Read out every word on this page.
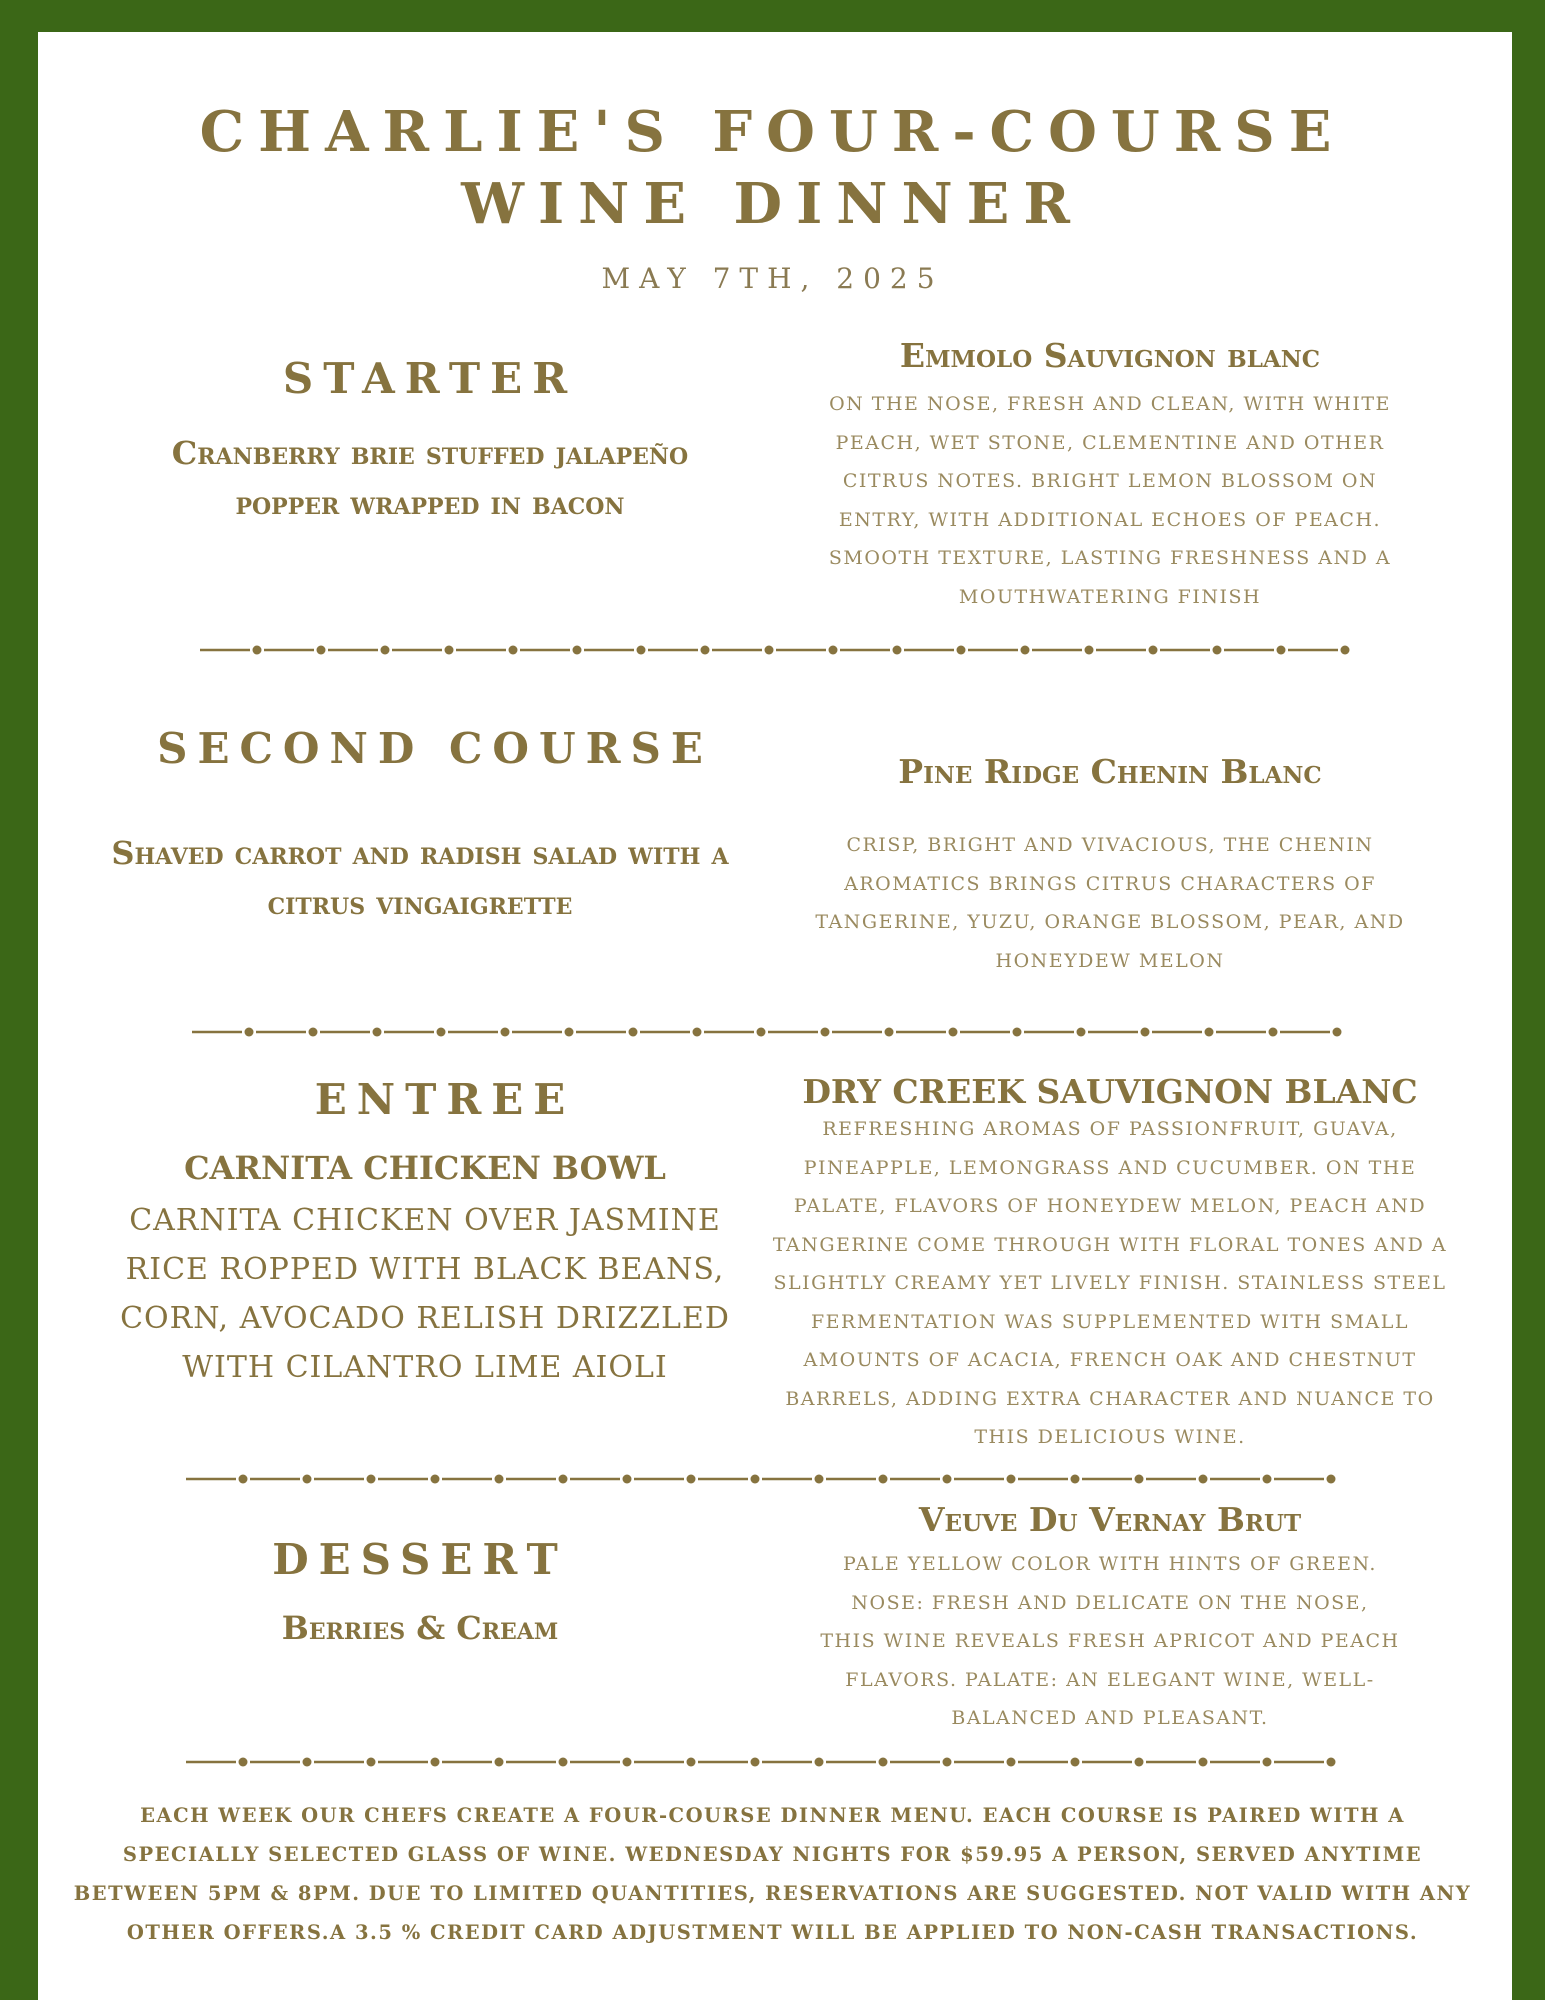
CHARLIE'S FOUR-COURSE
WINE DINNER
MAY 7TH, 2025
STARTER
Cranberry brie stuffed jalapeño popper wrapped in bacon
Emmolo Sauvignon blanc
ON THE NOSE, FRESH AND CLEAN, WITH WHITE PEACH, WET STONE, CLEMENTINE AND OTHER CITRUS NOTES. BRIGHT LEMON BLOSSOM ON ENTRY, WITH ADDITIONAL ECHOES OF PEACH. SMOOTH TEXTURE, LASTING FRESHNESS AND A MOUTHWATERING FINISH
SECOND COURSE
Shaved carrot and radish salad with a citrus vingaigrette
Pine Ridge Chenin Blanc
CRISP, BRIGHT AND VIVACIOUS, THE CHENIN AROMATICS BRINGS CITRUS CHARACTERS OF TANGERINE, YUZU, ORANGE BLOSSOM, PEAR, AND HONEYDEW MELON
ENTREE
CARNITA CHICKEN BOWL
CARNITA CHICKEN OVER JASMINE RICE ROPPED WITH BLACK BEANS, CORN, AVOCADO RELISH DRIZZLED WITH CILANTRO LIME AIOLI
DRY CREEK SAUVIGNON BLANC
REFRESHING AROMAS OF PASSIONFRUIT, GUAVA, PINEAPPLE, LEMONGRASS AND CUCUMBER. ON THE PALATE, FLAVORS OF HONEYDEW MELON, PEACH AND TANGERINE COME THROUGH WITH FLORAL TONES AND A SLIGHTLY CREAMY YET LIVELY FINISH. STAINLESS STEEL FERMENTATION WAS SUPPLEMENTED WITH SMALL AMOUNTS OF ACACIA, FRENCH OAK AND CHESTNUT BARRELS, ADDING EXTRA CHARACTER AND NUANCE TO THIS DELICIOUS WINE.
DESSERT
Berries & Cream
Veuve Du Vernay Brut
PALE YELLOW COLOR WITH HINTS OF GREEN. NOSE: FRESH AND DELICATE ON THE NOSE, THIS WINE REVEALS FRESH APRICOT AND PEACH FLAVORS. PALATE: AN ELEGANT WINE, WELL-BALANCED AND PLEASANT.
EACH WEEK OUR CHEFS CREATE A FOUR-COURSE DINNER MENU. EACH COURSE IS PAIRED WITH A SPECIALLY SELECTED GLASS OF WINE. WEDNESDAY NIGHTS FOR $59.95 A PERSON, SERVED ANYTIME BETWEEN 5PM & 8PM. DUE TO LIMITED QUANTITIES, RESERVATIONS ARE SUGGESTED. NOT VALID WITH ANY OTHER OFFERS.A 3.5 % CREDIT CARD ADJUSTMENT WILL BE APPLIED TO NON-CASH TRANSACTIONS.
